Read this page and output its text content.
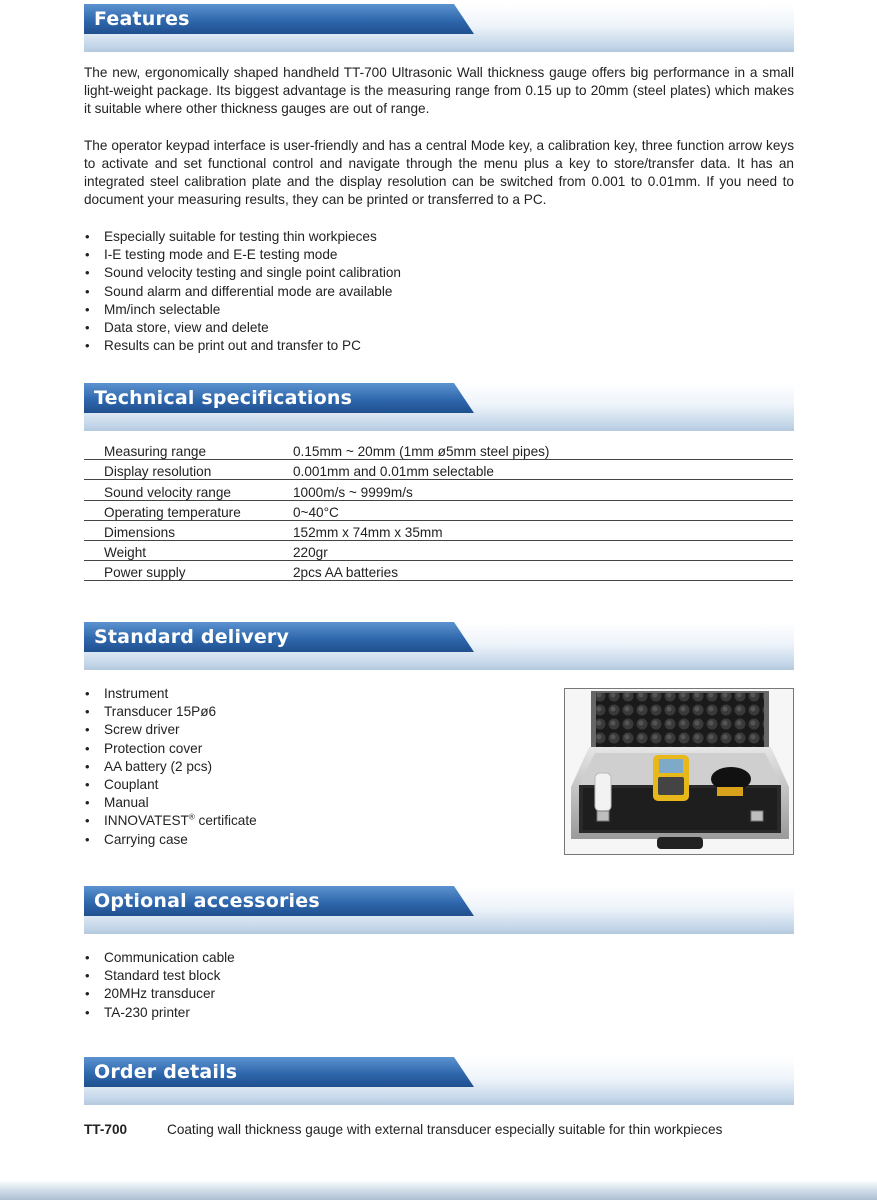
Features

The new, ergonomically shaped handheld TT-700 Ultrasonic Wall thickness gauge offers big performance in a small light-weight package. Its biggest advantage is the measuring range from 0.15 up to 20mm (steel plates) which makes it suitable where other thickness gauges are out of range.

The operator keypad interface is user-friendly and has a central Mode key, a calibration key, three function arrow keys to activate and set functional control and navigate through the menu plus a key to store/transfer data. It has an integrated steel calibration plate and the display resolution can be switched from 0.001 to 0.01mm. If you need to document your measuring results, they can be printed or transferred to a PC.

• Especially suitable for testing thin workpieces
• I-E testing mode and E-E testing mode
• Sound velocity testing and single point calibration
• Sound alarm and differential mode are available
• Mm/inch selectable
• Data store, view and delete
• Results can be print out and transfer to PC
Technical specifications
Measuring range	0.15mm ~ 20mm (1mm ø5mm steel pipes)
Display resolution	0.001mm and 0.01mm selectable
Sound velocity range	1000m/s ~ 9999m/s
Operating temperature	0~40°C
Dimensions	152mm x 74mm x 35mm
Weight	220gr
Power supply	2pcs AA batteries
Standard delivery
• Instrument
• Transducer 15Pø6
• Screw driver
• Protection cover
• AA battery (2 pcs)
• Couplant
• Manual
• INNOVATEST® certificate
• Carrying case
Optional accessories
• Communication cable
• Standard test block
• 20MHz transducer
• TA-230 printer
Order details
TT-700	Coating wall thickness gauge with external transducer especially suitable for thin workpieces
